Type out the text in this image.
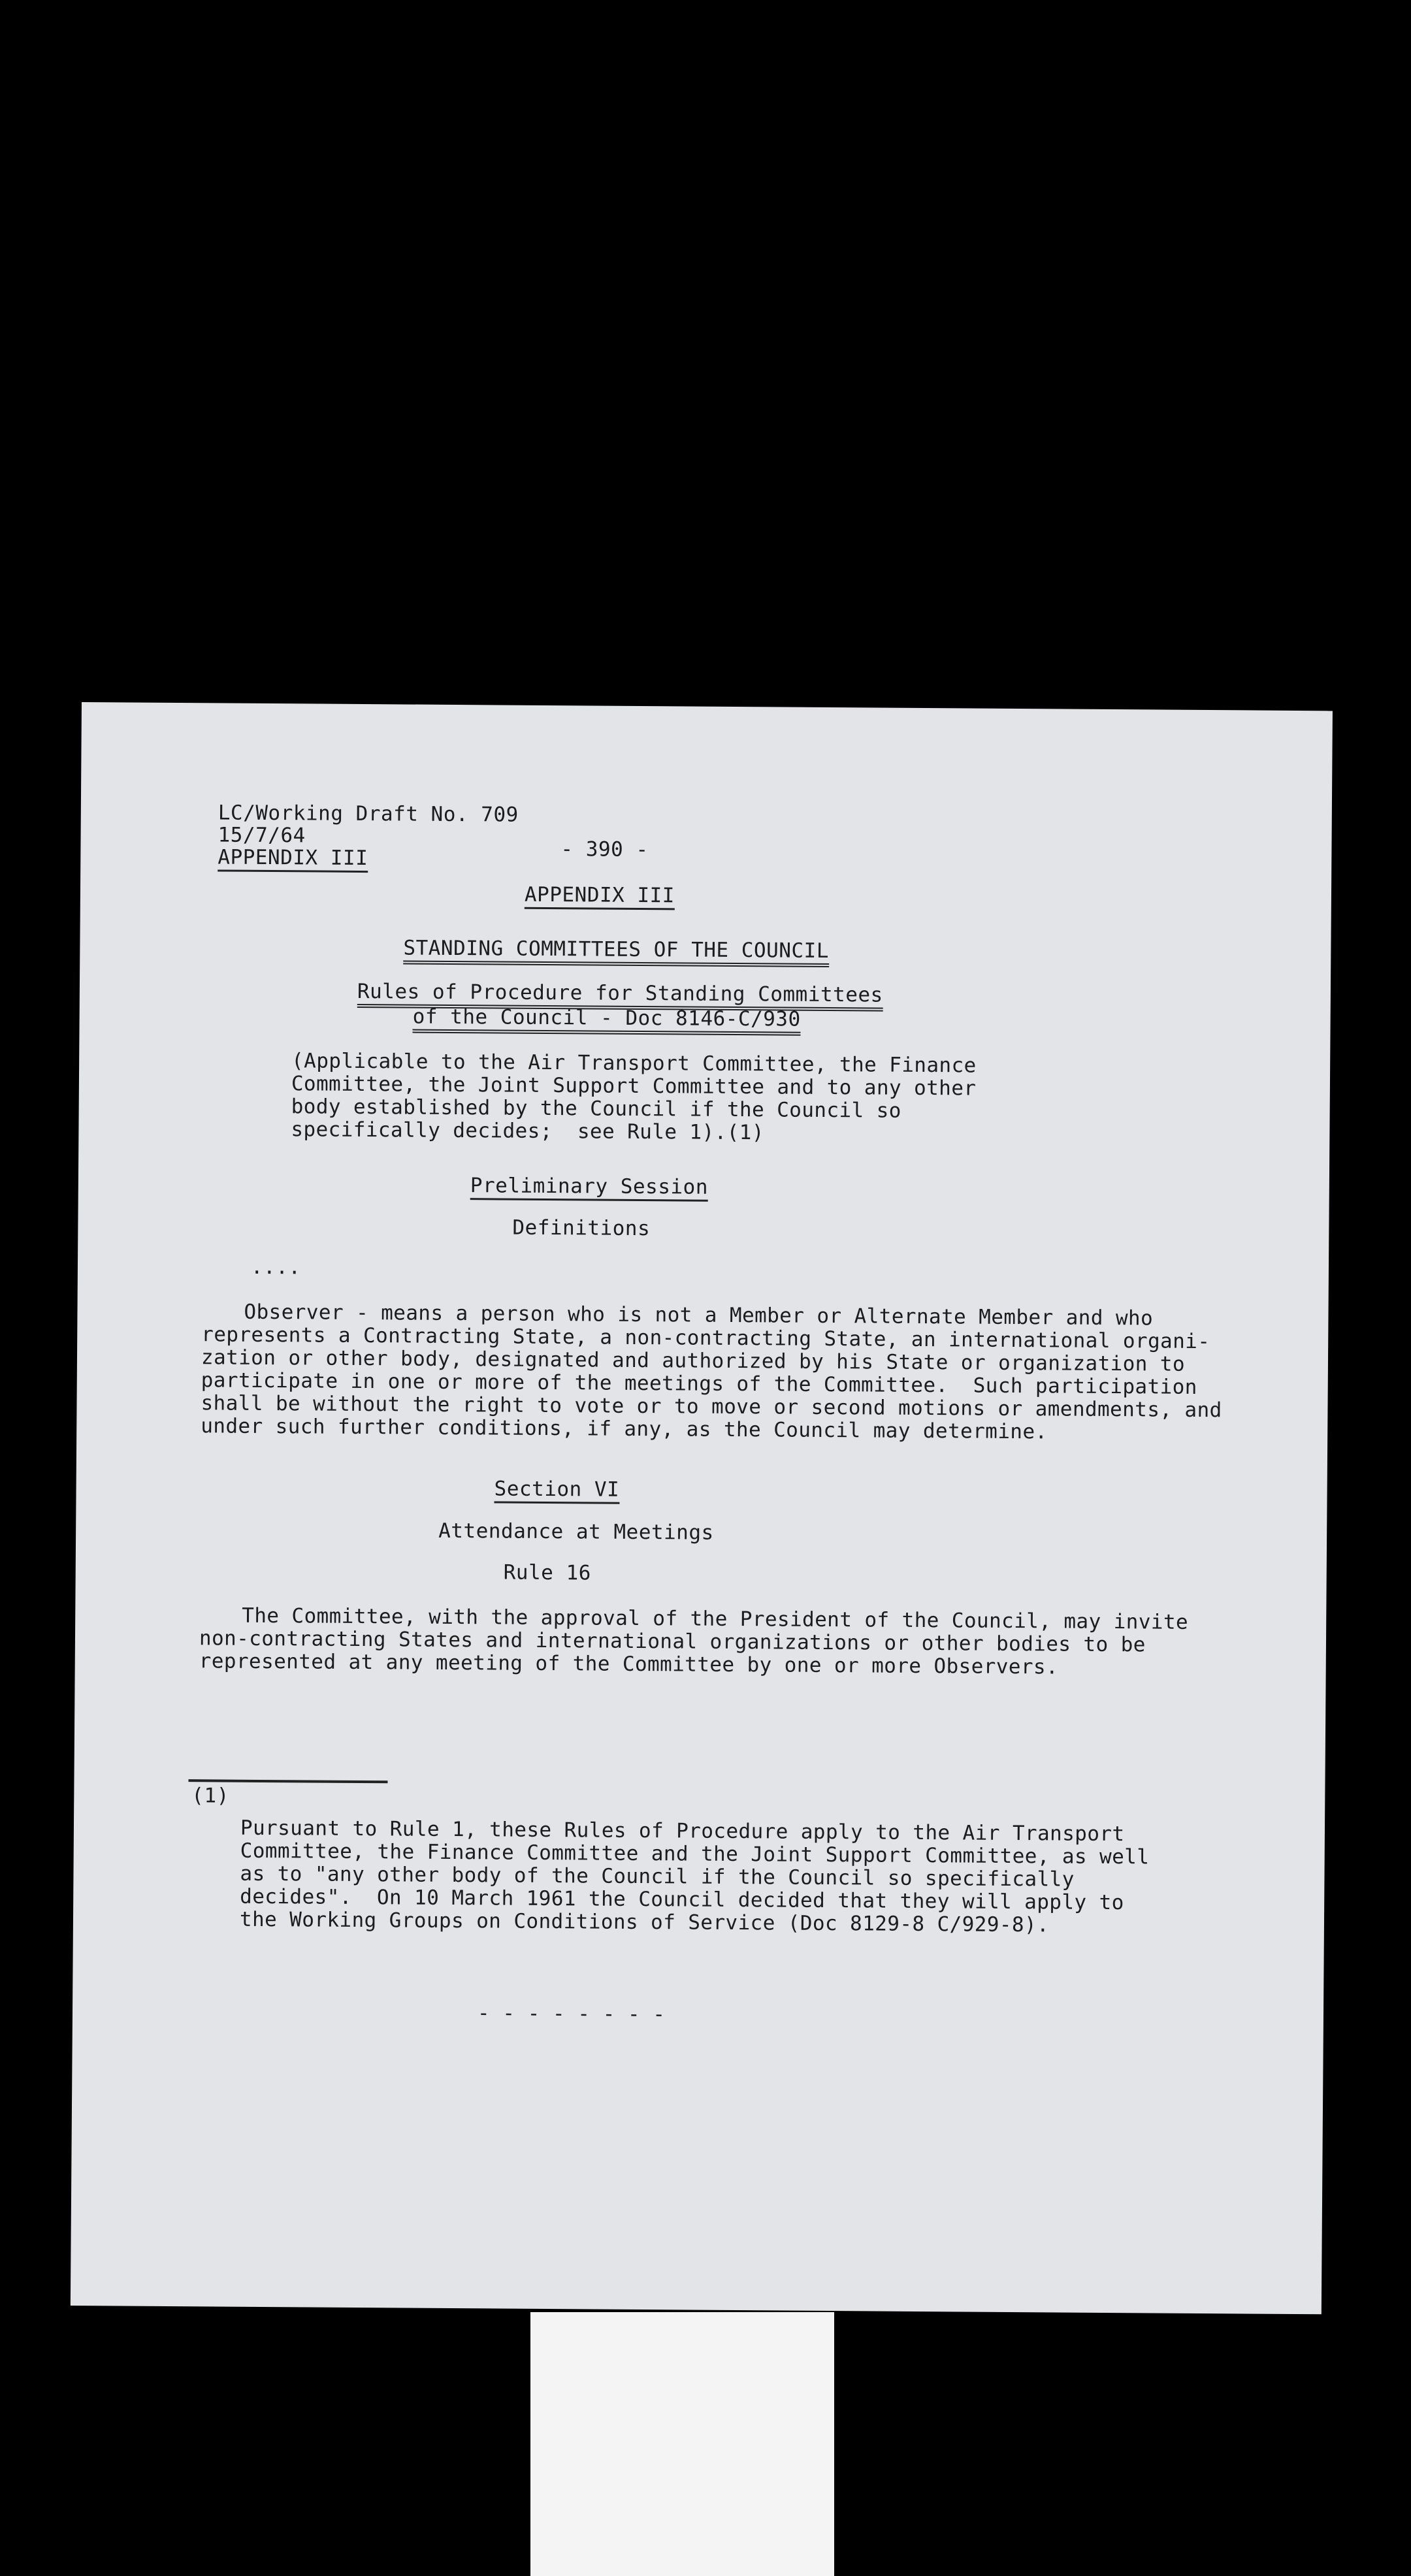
LC/Working Draft No. 709
15/7/64
APPENDIX III	- 390 -
APPENDIX III
STANDING COMMITTEES OF THE COUNCIL
Rules of Procedure for Standing Committees
of the Council - Doc 8146-C/930
(Applicable to the Air Transport Committee, the Finance
Committee, the Joint Support Committee and to any other
body established by the Council if the Council so
specifically decides;  see Rule 1).(1)
Preliminary Session
Definitions
....
Observer - means a person who is not a Member or Alternate Member and who
represents a Contracting State, a non-contracting State, an international organi-
zation or other body, designated and authorized by his State or organization to
participate in one or more of the meetings of the Committee.  Such participation
shall be without the right to vote or to move or second motions or amendments, and
under such further conditions, if any, as the Council may determine.
Section VI
Attendance at Meetings
Rule 16
The Committee, with the approval of the President of the Council, may invite
non-contracting States and international organizations or other bodies to be
represented at any meeting of the Committee by one or more Observers.
(1)
Pursuant to Rule 1, these Rules of Procedure apply to the Air Transport
Committee, the Finance Committee and the Joint Support Committee, as well
as to "any other body of the Council if the Council so specifically
decides".  On 10 March 1961 the Council decided that they will apply to
the Working Groups on Conditions of Service (Doc 8129-8 C/929-8).
- - - - - - - -
